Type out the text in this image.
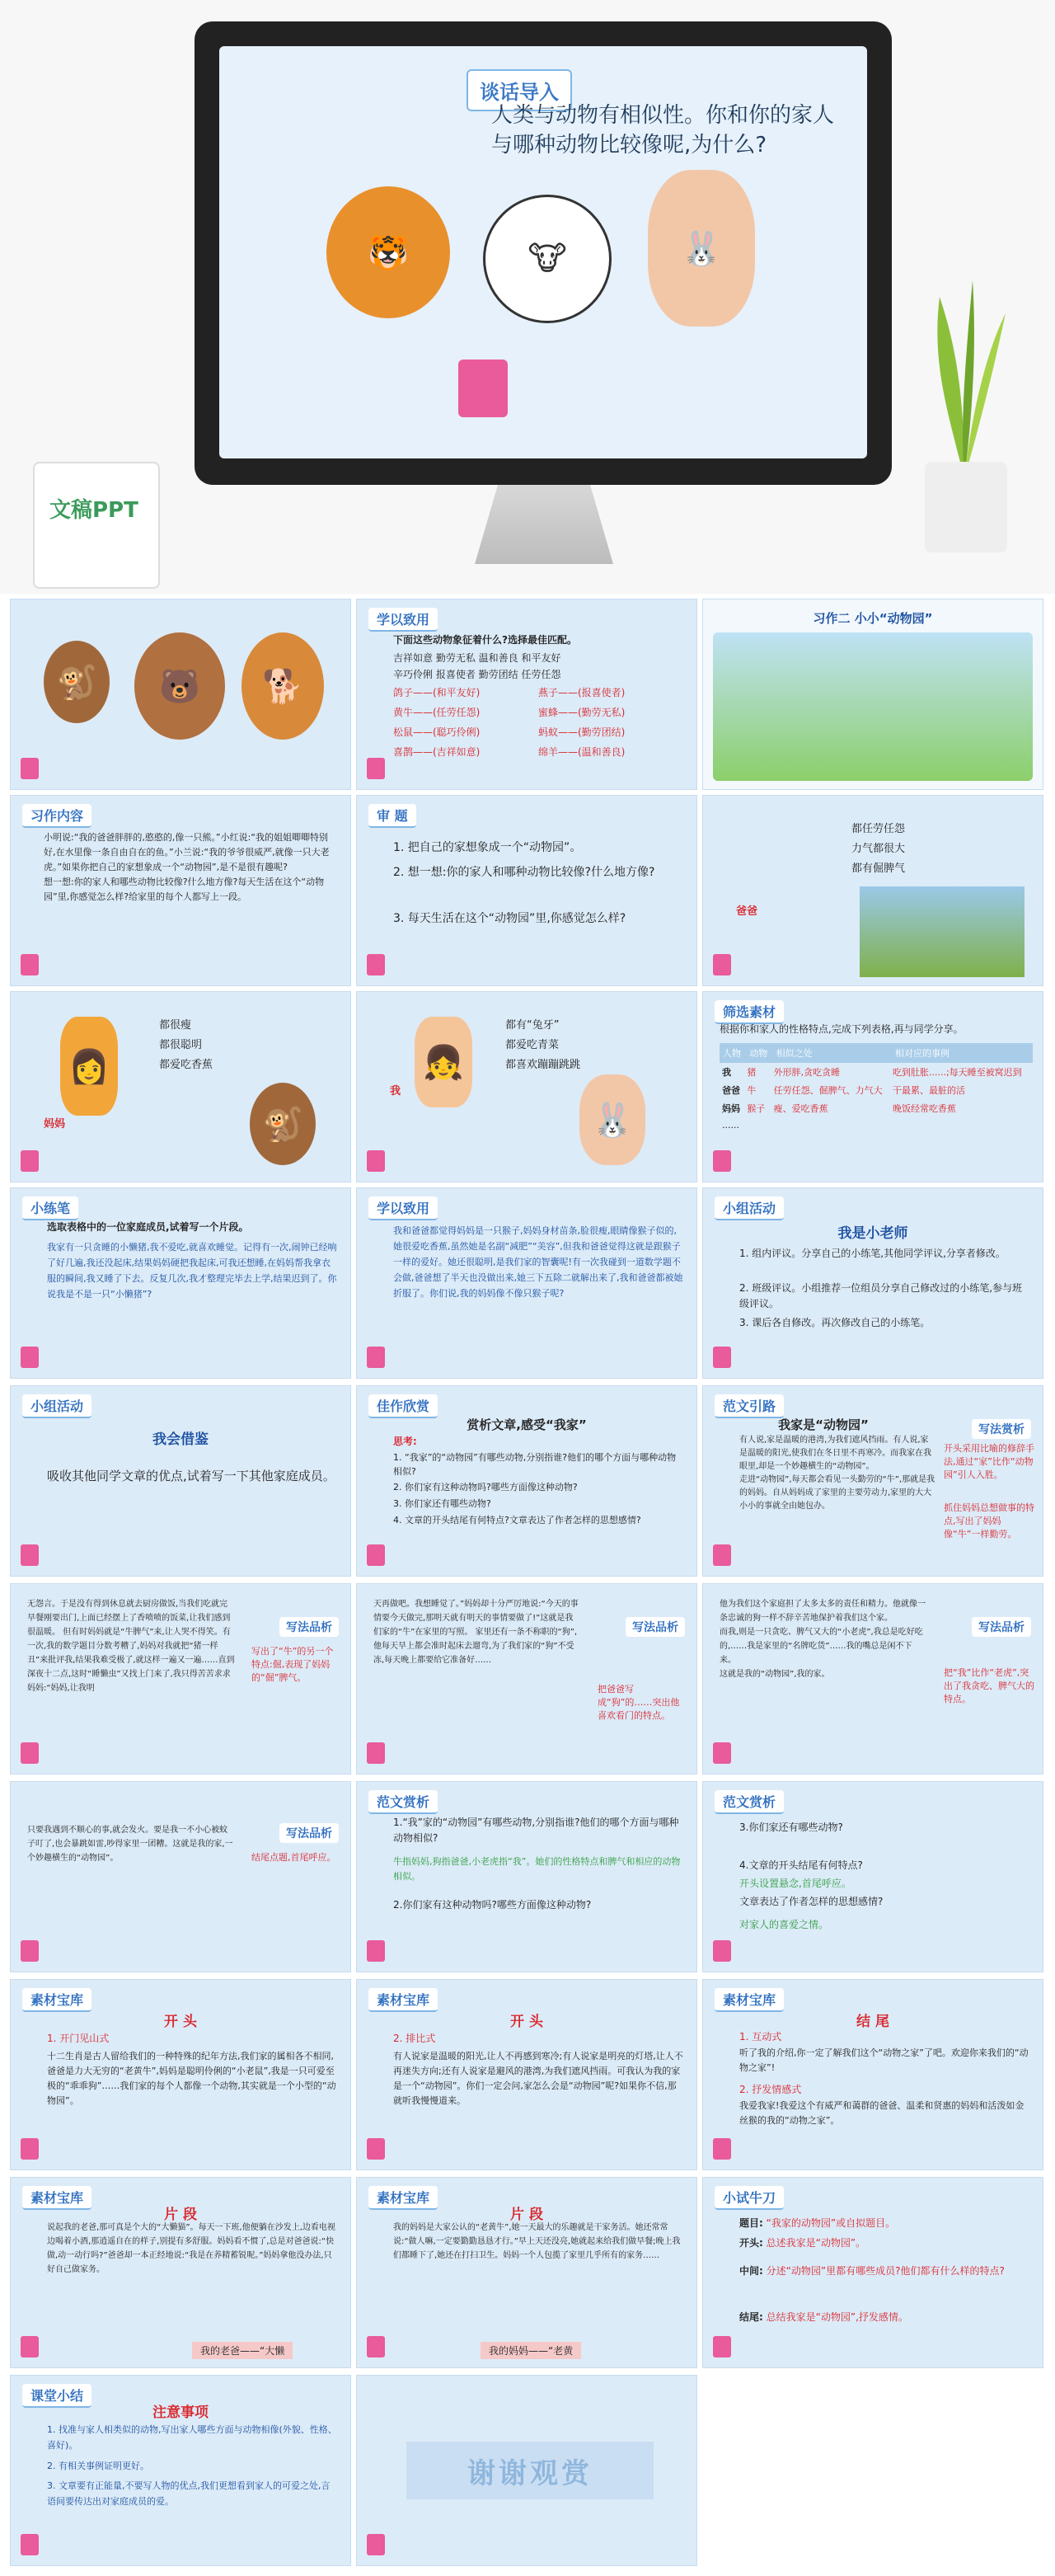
谈话导入
人类与动物有相似性。你和你的家人与哪种动物比较像呢,为什么?
🐯	🐮	🐰
文稿PPT
🐒	🐻	🐕
学以致用
下面这些动物象征着什么?选择最佳匹配。
吉祥如意 勤劳无私 温和善良 和平友好
辛巧伶俐 报喜使者 勤劳团结 任劳任怨
鸽子——(和平友好)	燕子——(报喜使者)
黄牛——(任劳任怨)	蜜蜂——(勤劳无私)
松鼠——(聪巧伶俐)	蚂蚁——(勤劳团结)
喜鹊——(吉祥如意)	绵羊——(温和善良)
习作二 小小“动物园”
习作内容
小明说:“我的爸爸胖胖的,憨憨的,像一只熊。”小红说:“我的姐姐唧唧特别好,在水里像一条自由自在的鱼。”小兰说:“我的爷爷很威严,就像一只大老虎。”如果你把自己的家想象成一个“动物园”,是不是很有趣呢?
想一想:你的家人和哪些动物比较像?什么地方像?每天生活在这个“动物园”里,你感觉怎么样?给家里的每个人都写上一段。
审 题
1. 把自己的家想象成一个“动物园”。
2. 想一想:你的家人和哪种动物比较像?什么地方像?
3. 每天生活在这个“动物园”里,你感觉怎么样?
都任劳任怨
力气都很大
都有倔脾气
爸爸
都很瘦
都很聪明
都爱吃香蕉
👩
妈妈	🐒
都有“兔牙”
都爱吃青菜
都喜欢蹦蹦跳跳
👧
我
🐰
筛选素材
根据你和家人的性格特点,完成下列表格,再与同学分享。
人物	动物	相似之处	相对应的事例
我	猪	外形胖,贪吃贪睡	吃到肚胀......;每天睡至被窝迟到
爸爸	牛	任劳任怨、倔脾气、力气大	干最累、最脏的活
妈妈	猴子	瘦、爱吃香蕉	晚饭经常吃香蕉
......			
小练笔
选取表格中的一位家庭成员,试着写一个片段。
我家有一只贪睡的小懒猪,我不爱吃,就喜欢睡觉。记得有一次,闹钟已经响了好几遍,我还没起床,结果妈妈硬把我起床,可我还想睡,在妈妈帮我拿衣服的瞬间,我又睡了下去。反复几次,我才整理完毕去上学,结果迟到了。你说我是不是一只“小懒猪”?
学以致用
我和爸爸都觉得妈妈是一只猴子,妈妈身材苗条,脸很瘦,眼睛像猴子似的,她很爱吃香蕉,虽然她是名副“减肥”“美容”,但我和爸爸觉得这就是跟猴子一样的爱好。她还很聪明,是我们家的智囊呢!有一次我碰到一道数学题不会做,爸爸想了半天也没做出来,她三下五除二就解出来了,我和爸爸都被她折服了。你们说,我的妈妈像不像只猴子呢?
小组活动
我是小老师
1. 组内评议。分享自己的小练笔,其他同学评议,分享者修改。
2. 班级评议。小组推荐一位组员分享自己修改过的小练笔,参与班级评议。
3. 课后各自修改。再次修改自己的小练笔。
小组活动
我会借鉴
吸收其他同学文章的优点,试着写一下其他家庭成员。
佳作欣赏
赏析文章,感受“我家”
思考:
1. “我家”的“动物园”有哪些动物,分别指谁?他们的哪个方面与哪种动物相似?
2. 你们家有这种动物吗?哪些方面像这种动物?
3. 你们家还有哪些动物?
4. 文章的开头结尾有何特点?文章表达了作者怎样的思想感情?
范文引路
我家是“动物园”
有人说,家是温暖的港湾,为我们遮风挡雨。有人说,家是温暖的阳光,使我们在冬日里不再寒冷。而我家在我眼里,却是一个妙趣横生的“动物园”。
走进“动物园”,每天都会看见一头勤劳的“牛”,那就是我的妈妈。自从妈妈成了家里的主要劳动力,家里的大大小小的事就全由她包办。
写法赏析
开头采用比喻的修辞手法,通过“家”比作“动物园”引人入胜。
抓住妈妈总想做事的特点,写出了妈妈像“牛”一样勤劳。
无怨言。于是没有得到休息就去厨房做饭,当我们吃就完早餐刚要出门,上面已经摆上了香喷喷的饭菜,让我们感到很温暖。 但有时妈妈就是“牛脾气”来,让人哭不得笑。有一次,我的数学题目分数考糟了,妈妈对我就把“猪一样丑”来批评我,结果我难受极了,就这样一遍又一遍……直到深夜十二点,这时“睡懒虫”又找上门来了,我只得苦苦求求妈妈:“妈妈,让我明
写法品析
写出了“牛”的另一个特点:倔,表现了妈妈的“倔”脾气。
天再做吧。我想睡觉了。”妈妈却十分严厉地说:“今天的事情要今天做完,那明天就有明天的事情要做了!”这就是我们家的“牛”在家里的写照。 家里还有一条不称职的“狗”,他每天早上都会准时起床去遛弯,为了我们家的“狗”不受冻,每天晚上都要给它准备好……
写法品析
把爸爸写成“狗”的……突出他喜欢看门的特点。
他为我们这个家庭担了太多太多的责任和精力。他就像一条忠诚的狗一样不辞辛苦地保护着我们这个家。
而我,则是一只贪吃、脾气又大的“小老虎”,我总是吃好吃的,……我是家里的“名牌吃货”……我的嘴总是闲不下来。
这就是我的“动物园”,我的家。
写法品析
把“我”比作“老虎”,突出了我贪吃、脾气大的特点。
只要我遇到不顺心的事,就会发火。要是我一不小心被蚊子叮了,也会暴跳如雷,吵得家里一团糟。这就是我的家,一个妙趣横生的“动物园”。
写法品析
结尾点题,首尾呼应。
范文赏析
1.“我”家的“动物园”有哪些动物,分别指谁?他们的哪个方面与哪种动物相似?
牛指妈妈,狗指爸爸,小老虎指“我”。她们的性格特点和脾气和相应的动物相似。
2.你们家有这种动物吗?哪些方面像这种动物?
范文赏析
3.你们家还有哪些动物?
4.文章的开头结尾有何特点?
开头设置悬念,首尾呼应。
文章表达了作者怎样的思想感情?
对家人的喜爱之情。
素材宝库
开 头
1. 开门见山式
十二生肖是古人留给我们的一种特殊的纪年方法,我们家的属相各不相同,爸爸是力大无穷的“老黄牛”,妈妈是聪明伶俐的“小老鼠”,我是一只可爱至极的“乖乖狗”……我们家的每个人都像一个动物,其实就是一个小型的“动物园”。
素材宝库
开 头
2. 排比式
有人说家是温暖的阳光,让人不再感到寒冷;有人说家是明亮的灯塔,让人不再迷失方向;还有人说家是避风的港湾,为我们遮风挡雨。可我认为我的家是一个“动物园”。你们一定会问,家怎么会是“动物园”呢?如果你不信,那就听我慢慢道来。
素材宝库
结 尾
1. 互动式
听了我的介绍,你一定了解我们这个“动物之家”了吧。欢迎你来我们的“动物之家”!
2. 抒发情感式
我爱我家!我爱这个有威严和蔼群的爸爸、温柔和贤惠的妈妈和活泼如金丝猴的我的“动物之家”。
素材宝库
片 段
说起我的老爸,那可真是个大的“大懒猫”。每天一下班,他便躺在沙发上,边看电视边喝着小酒,那逍遥自在的样子,别提有多舒服。妈妈看不惯了,总是对爸爸说:“快做,动一动行吗?”爸爸却一本正经地说:“我是在养精蓄锐呢。”妈妈拿他没办法,只好自己做家务。
我的老爸——“大懒
素材宝库
片 段
我的妈妈是大家公认的“老黄牛”,她一天最大的乐趣就是干家务活。她还常常说:“做人嘛,一定要勤勤恳恳才行。”早上天还没亮,她就起来给我们做早餐;晚上我们都睡下了,她还在打扫卫生。妈妈一个人包揽了家里几乎所有的家务……
我的妈妈——“老黄
小试牛刀
题目: “我家的动物园”或自拟题目。
开头: 总述我家是“动物园”。
中间: 分述“动物园”里都有哪些成员?他们都有什么样的特点?
结尾: 总结我家是“动物园”,抒发感情。
课堂小结
注意事项
1. 找准与家人相类似的动物,写出家人哪些方面与动物相像(外貌、性格、喜好)。
2. 有相关事例证明更好。
3. 文章要有正能量,不要写人物的优点,我们更想看到家人的可爱之处,言语间要传达出对家庭成员的爱。
谢谢观赏
